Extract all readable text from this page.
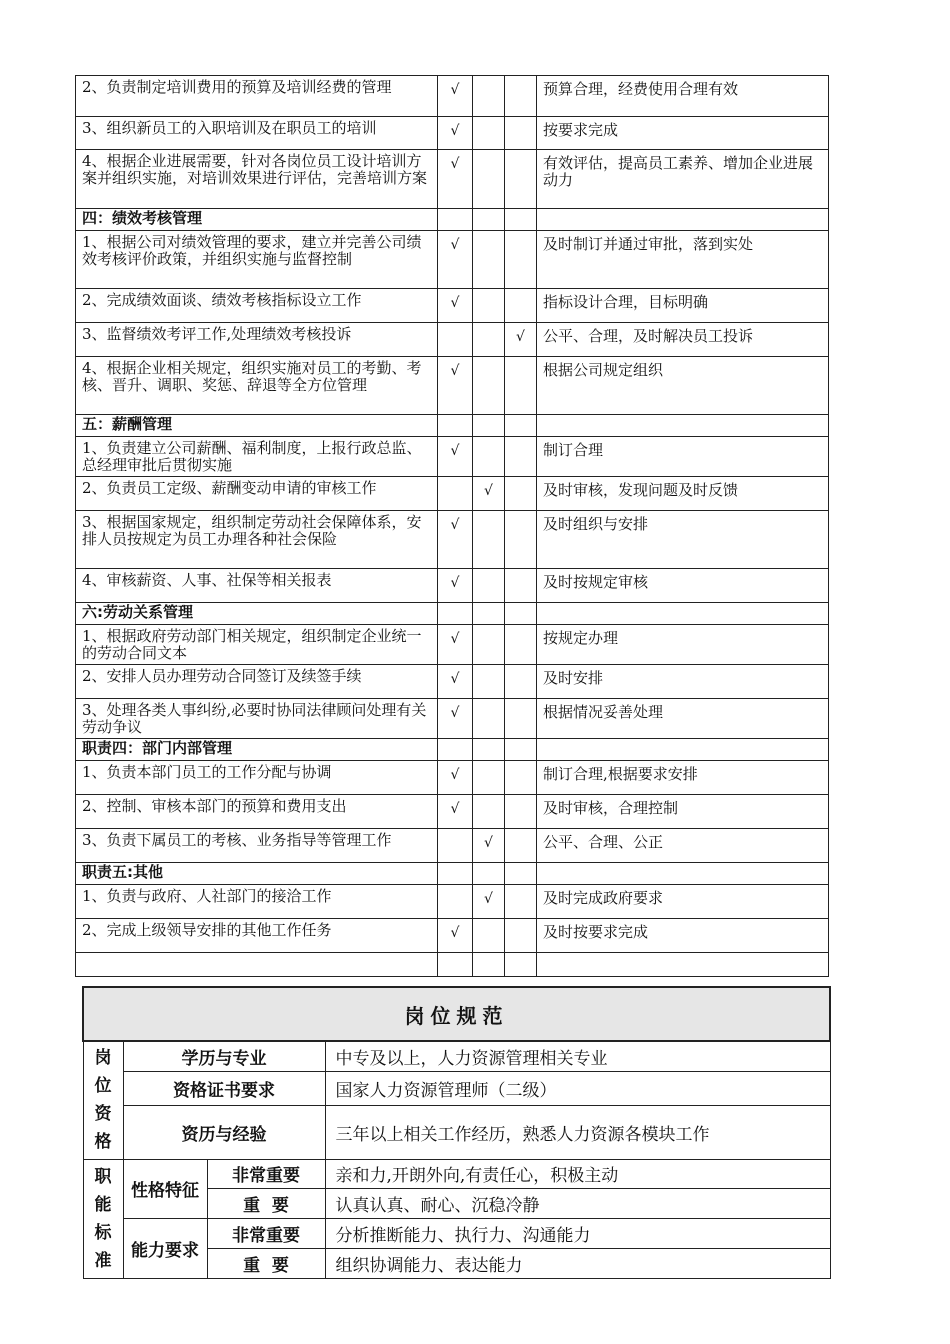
2、负责制定培训费用的预算及培训经费的管理	√			预算合理，经费使用合理有效
3、组织新员工的入职培训及在职员工的培训	√			按要求完成
4、根据企业进展需要，针对各岗位员工设计培训方案并组织实施，对培训效果进行评估，完善培训方案	√			有效评估，提高员工素养、增加企业进展动力
四：绩效考核管理				
1、根据公司对绩效管理的要求，建立并完善公司绩效考核评价政策，并组织实施与监督控制	√			及时制订并通过审批，落到实处
2、完成绩效面谈、绩效考核指标设立工作	√			指标设计合理，目标明确
3、监督绩效考评工作,处理绩效考核投诉			√	公平、合理，及时解决员工投诉
4、根据企业相关规定，组织实施对员工的考勤、考核、晋升、调职、奖惩、辞退等全方位管理	√			根据公司规定组织
五：薪酬管理				
1、负责建立公司薪酬、福利制度，上报行政总监、总经理审批后贯彻实施	√			制订合理
2、负责员工定级、薪酬变动申请的审核工作		√		及时审核，发现问题及时反馈
3、根据国家规定，组织制定劳动社会保障体系，安排人员按规定为员工办理各种社会保险	√			及时组织与安排
4、审核薪资、人事、社保等相关报表	√			及时按规定审核
六:劳动关系管理				
1、根据政府劳动部门相关规定，组织制定企业统一的劳动合同文本	√			按规定办理
2、安排人员办理劳动合同签订及续签手续	√			及时安排
3、处理各类人事纠纷,必要时协同法律顾问处理有关劳动争议	√			根据情况妥善处理
职责四：部门内部管理				
1、负责本部门员工的工作分配与协调	√			制订合理,根据要求安排
2、控制、审核本部门的预算和费用支出	√			及时审核，合理控制
3、负责下属员工的考核、业务指导等管理工作		√		公平、合理、公正
职责五:其他				
1、负责与政府、人社部门的接洽工作		√		及时完成政府要求
2、完成上级领导安排的其他工作任务	√			及时按要求完成

岗位规范			

岗
位
资
格	学历与专业		中专及以上，人力资源管理相关专业
	资格证书要求		国家人力资源管理师（二级）
	资历与经验		三年以上相关工作经历，熟悉人力资源各模块工作

职
能
标
准	性格特征	非常重要	亲和力,开朗外向,有责任心，积极主动
		重  要	认真认真、耐心、沉稳冷静
	能力要求	非常重要	分析推断能力、执行力、沟通能力
		重  要	组织协调能力、表达能力
